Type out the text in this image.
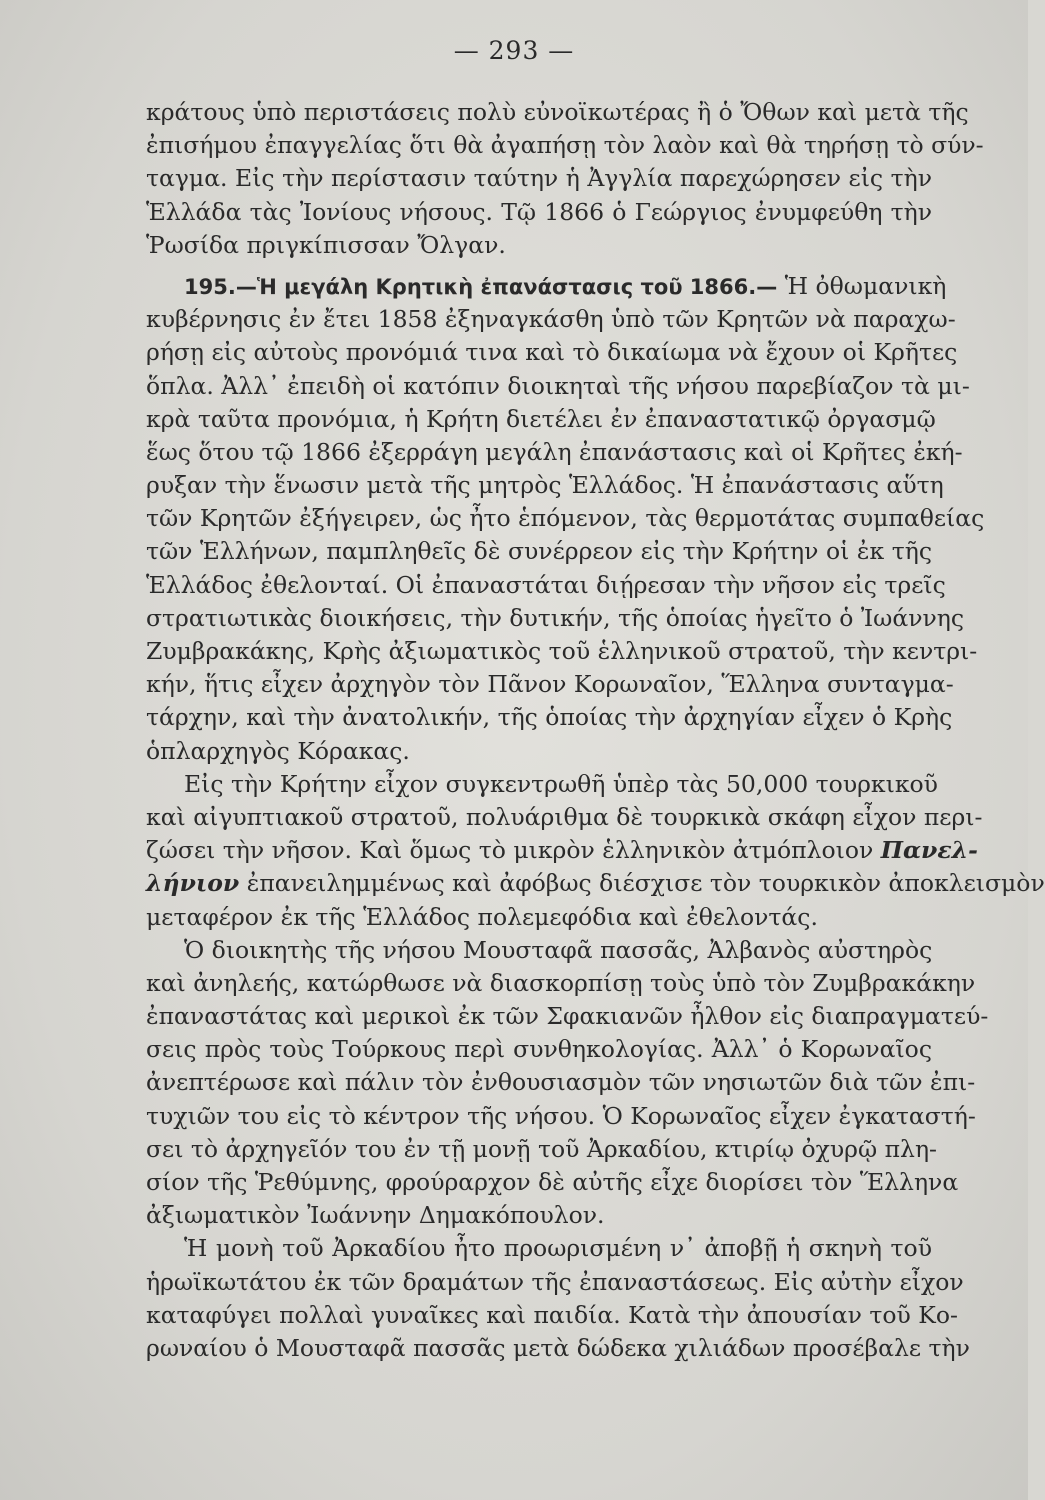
— 293 —
κράτους ὑπὸ περιστάσεις πολὺ εὐνοϊκωτέρας ἢ ὁ Ὄθων καὶ μετὰ τῆς
ἐπισήμου ἐπαγγελίας ὅτι θὰ ἀγαπήσῃ τὸν λαὸν καὶ θὰ τηρήσῃ τὸ σύν-
ταγμα. Εἰς τὴν περίστασιν ταύτην ἡ Ἀγγλία παρεχώρησεν εἰς τὴν
Ἑλλάδα τὰς Ἰονίους νήσους. Τῷ 1866 ὁ Γεώργιος ἐνυμφεύθη τὴν
Ῥωσίδα πριγκίπισσαν Ὄλγαν.
195.—Ἡ μεγάλη Κρητικὴ ἐπανάστασις τοῦ 1866.— Ἡ ὀθωμανικὴ
κυβέρνησις ἐν ἔτει 1858 ἐξηναγκάσθη ὑπὸ τῶν Κρητῶν νὰ παραχω-
ρήσῃ εἰς αὐτοὺς προνόμιά τινα καὶ τὸ δικαίωμα νὰ ἔχουν οἱ Κρῆτες
ὅπλα. Ἀλλ᾿ ἐπειδὴ οἱ κατόπιν διοικηταὶ τῆς νήσου παρεβίαζον τὰ μι-
κρὰ ταῦτα προνόμια, ἡ Κρήτη διετέλει ἐν ἐπαναστατικῷ ὀργασμῷ
ἕως ὅτου τῷ 1866 ἐξερράγη μεγάλη ἐπανάστασις καὶ οἱ Κρῆτες ἐκή-
ρυξαν τὴν ἕνωσιν μετὰ τῆς μητρὸς Ἑλλάδος. Ἡ ἐπανάστασις αὕτη
τῶν Κρητῶν ἐξήγειρεν, ὡς ἦτο ἑπόμενον, τὰς θερμοτάτας συμπαθείας
τῶν Ἑλλήνων, παμπληθεῖς δὲ συνέρρεον εἰς τὴν Κρήτην οἱ ἐκ τῆς
Ἑλλάδος ἐθελονταί. Οἱ ἐπαναστάται διῄρεσαν τὴν νῆσον εἰς τρεῖς
στρατιωτικὰς διοικήσεις, τὴν δυτικήν, τῆς ὁποίας ἡγεῖτο ὁ Ἰωάννης
Ζυμβρακάκης, Κρὴς ἀξιωματικὸς τοῦ ἑλληνικοῦ στρατοῦ, τὴν κεντρι-
κήν, ἥτις εἶχεν ἀρχηγὸν τὸν Πᾶνον Κορωναῖον, Ἕλληνα συνταγμα-
τάρχην, καὶ τὴν ἀνατολικήν, τῆς ὁποίας τὴν ἀρχηγίαν εἶχεν ὁ Κρὴς
ὁπλαρχηγὸς Κόρακας.
Εἰς τὴν Κρήτην εἶχον συγκεντρωθῆ ὑπὲρ τὰς 50,000 τουρκικοῦ
καὶ αἰγυπτιακοῦ στρατοῦ, πολυάριθμα δὲ τουρκικὰ σκάφη εἶχον περι-
ζώσει τὴν νῆσον. Καὶ ὅμως τὸ μικρὸν ἑλληνικὸν ἀτμόπλοιον Πανελ-
λήνιον ἐπανειλημμένως καὶ ἀφόβως διέσχισε τὸν τουρκικὸν ἀποκλεισμὸν
μεταφέρον ἐκ τῆς Ἑλλάδος πολεμεφόδια καὶ ἐθελοντάς.
Ὁ διοικητὴς τῆς νήσου Μουσταφᾶ πασσᾶς, Ἀλβανὸς αὐστηρὸς
καὶ ἀνηλεής, κατώρθωσε νὰ διασκορπίσῃ τοὺς ὑπὸ τὸν Ζυμβρακάκην
ἐπαναστάτας καὶ μερικοὶ ἐκ τῶν Σφακιανῶν ἦλθον εἰς διαπραγματεύ-
σεις πρὸς τοὺς Τούρκους περὶ συνθηκολογίας. Ἀλλ᾿ ὁ Κορωναῖος
ἀνεπτέρωσε καὶ πάλιν τὸν ἐνθουσιασμὸν τῶν νησιωτῶν διὰ τῶν ἐπι-
τυχιῶν του εἰς τὸ κέντρον τῆς νήσου. Ὁ Κορωναῖος εἶχεν ἐγκαταστή-
σει τὸ ἀρχηγεῖόν του ἐν τῇ μονῇ τοῦ Ἀρκαδίου, κτιρίῳ ὀχυρῷ πλη-
σίον τῆς Ῥεθύμνης, φρούραρχον δὲ αὐτῆς εἶχε διορίσει τὸν Ἕλληνα
ἀξιωματικὸν Ἰωάννην Δημακόπουλον.
Ἡ μονὴ τοῦ Ἀρκαδίου ἦτο προωρισμένη ν᾿ ἀποβῇ ἡ σκηνὴ τοῦ
ἡρωϊκωτάτου ἐκ τῶν δραμάτων τῆς ἐπαναστάσεως. Εἰς αὐτὴν εἶχον
καταφύγει πολλαὶ γυναῖκες καὶ παιδία. Κατὰ τὴν ἀπουσίαν τοῦ Κο-
ρωναίου ὁ Μουσταφᾶ πασσᾶς μετὰ δώδεκα χιλιάδων προσέβαλε τὴν
